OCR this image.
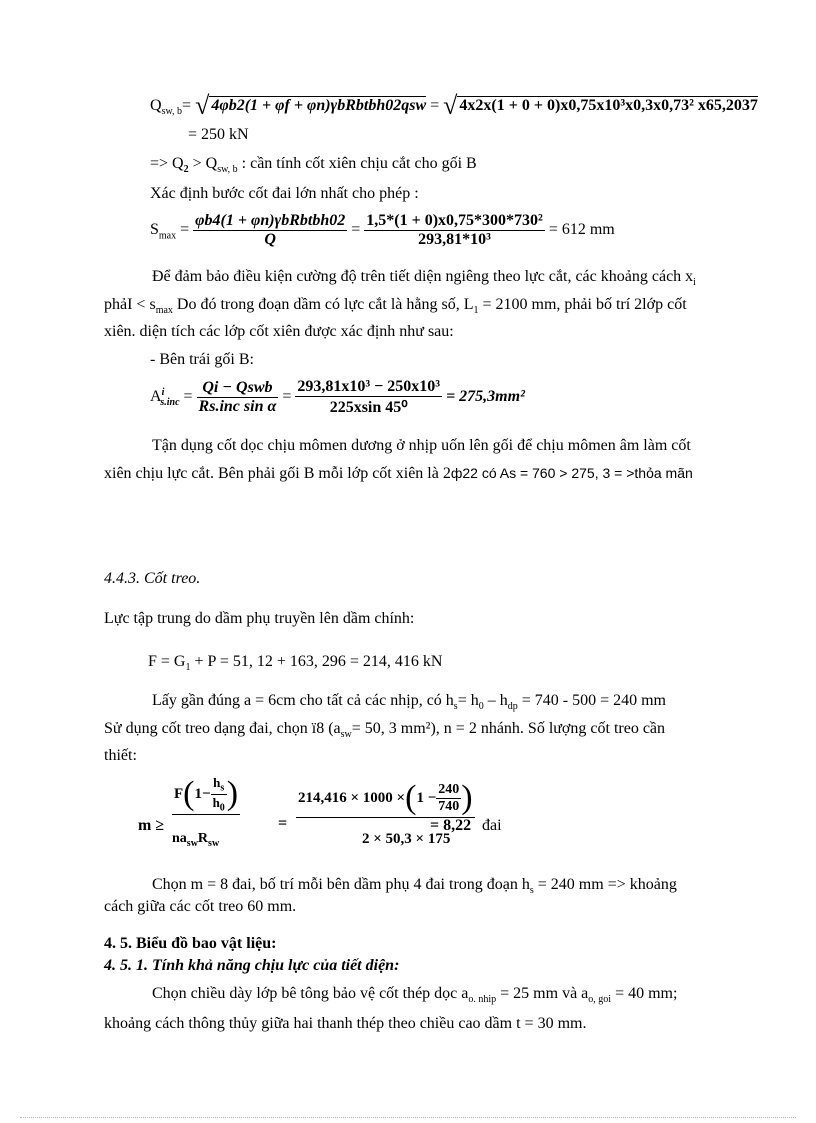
$Q_{sw, b}=$ √ 4φb2(1 + φf + φn)γbRbtbh02qsw = √ 4x2x(1 + 0 + 0)x0,75x10³x0,3x0,73² x65,2037
= 250 kN
=> $Q_2 > Q_{sw, b}$ : cần tính cốt xiên chịu cắt cho gối B
Xác định bước cốt đai lớn nhất cho phép :
$S_{max} = \frac{\text{φb4(1 + φn)γbRbtbh02}}{Q} = \frac{\text{1,5*(1 + 0)x0,75*300*730²}}{\text{293,81*10³}} = 612$ mm
Để đảm bảo điều kiện cường độ trên tiết diện ngiêng theo lực cắt, các khoảng cách $x_i$
phảI < $s_{max}$ Do đó trong đoạn dầm có lực cắt là hằng số, $L_1 = 2100$ mm, phải bố trí 2lớp cốt
xiên. diện tích các lớp cốt xiên được xác định như sau:
- Bên trái gối B:
$A^i_{s.inc} = \frac{\text{Qi − Qswb}}{\text{Rs.inc sin α}} = \frac{\text{293,81x10³ − 250x10³}}{\text{225xsin 45⁰}} = 275,3mm^2$
Tận dụng cốt dọc chịu mômen dương ở nhịp uốn lên gối để chịu mômen âm làm cốt
xiên chịu lực cắt. Bên phải gối B mỗi lớp cốt xiên là 2ф22 có As = 760 > 275, 3 = >thỏa mãn
4.4.3. Cốt treo.
Lực tập trung do dầm phụ truyền lên dầm chính:
$F = G_1 + P = 51$, 12 + 163, 296 = 214, 416 kN
Lấy gần đúng a = 6cm cho tất cả các nhịp, có $h_s= h_0 - h_{dp} = 740 - 500 = 240$ mm
Sử dụng cốt treo dạng đai, chọn ï8 ($a_{sw}= 50$, 3 mm²), n = 2 nhánh. Số lượng cốt treo cần
thiết:
m ≥
$F(1- \frac{h_s}{h_0}$ )
$na_{sw}R_{sw}$
=
$214,416 \times 1000 \times(1 - \frac{240}{740}$ )
2 × 50,3 × 175
= 8,22 đai
Chọn m = 8 đai, bố trí mỗi bên dầm phụ 4 đai trong đoạn $h_s = 240$ mm => khoảng
cách giữa các cốt treo 60 mm.
4. 5. Biểu đồ bao vật liệu:
4. 5. 1. Tính khả năng chịu lực của tiết diện:
Chọn chiều dày lớp bê tông bảo vệ cốt thép dọc $a_{o. nhip} = 25$ mm và $a_{o, goi} = 40$ mm;
khoảng cách thông thủy giữa hai thanh thép theo chiều cao dầm t = 30 mm.
